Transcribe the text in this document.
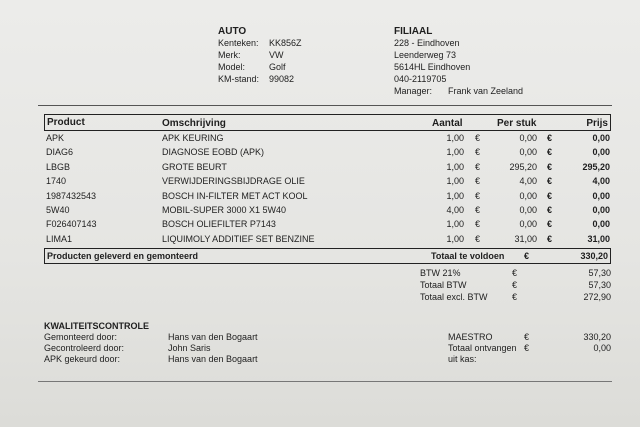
AUTO
Kenteken: KK856Z
Merk:	VW
Model:	Golf
KM-stand: 99082
FILIAAL
228 - Eindhoven
Leenderweg 73
5614HL Eindhoven
040-2119705
Manager: Frank van Zeeland
Product	Omschrijving	Aantal	Per stuk	Prijs
APK	APK KEURING	1,00 €	0,00 €	0,00
DIAG6	DIAGNOSE EOBD (APK)	1,00 €	0,00 €	0,00
LBGB	GROTE BEURT	1,00 €	295,20 €	295,20
1740	VERWIJDERINGSBIJDRAGE OLIE	1,00 €	4,00 €	4,00
1987432543	BOSCH IN-FILTER MET ACT KOOL	1,00 €	0,00 €	0,00
5W40	MOBIL-SUPER 3000 X1 5W40	4,00 €	0,00 €	0,00
F026407143	BOSCH OLIEFILTER P7143	1,00 €	0,00 €	0,00
LIMA1	LIQUIMOLY ADDITIEF SET BENZINE	1,00 €	31,00 €	31,00
Producten geleverd en gemonteerd	Totaal te voldoen €	330,20
BTW 21%	€	57,30
Totaal BTW	€	57,30
Totaal excl. BTW	€	272,90
KWALITEITSCONTROLE
Gemonteerd door:	Hans van den Bogaart
Gecontroleerd door:	John Saris
APK gekeurd door:	Hans van den Bogaart
MAESTRO	€	330,20
Totaal ontvangen €	0,00
uit kas:
